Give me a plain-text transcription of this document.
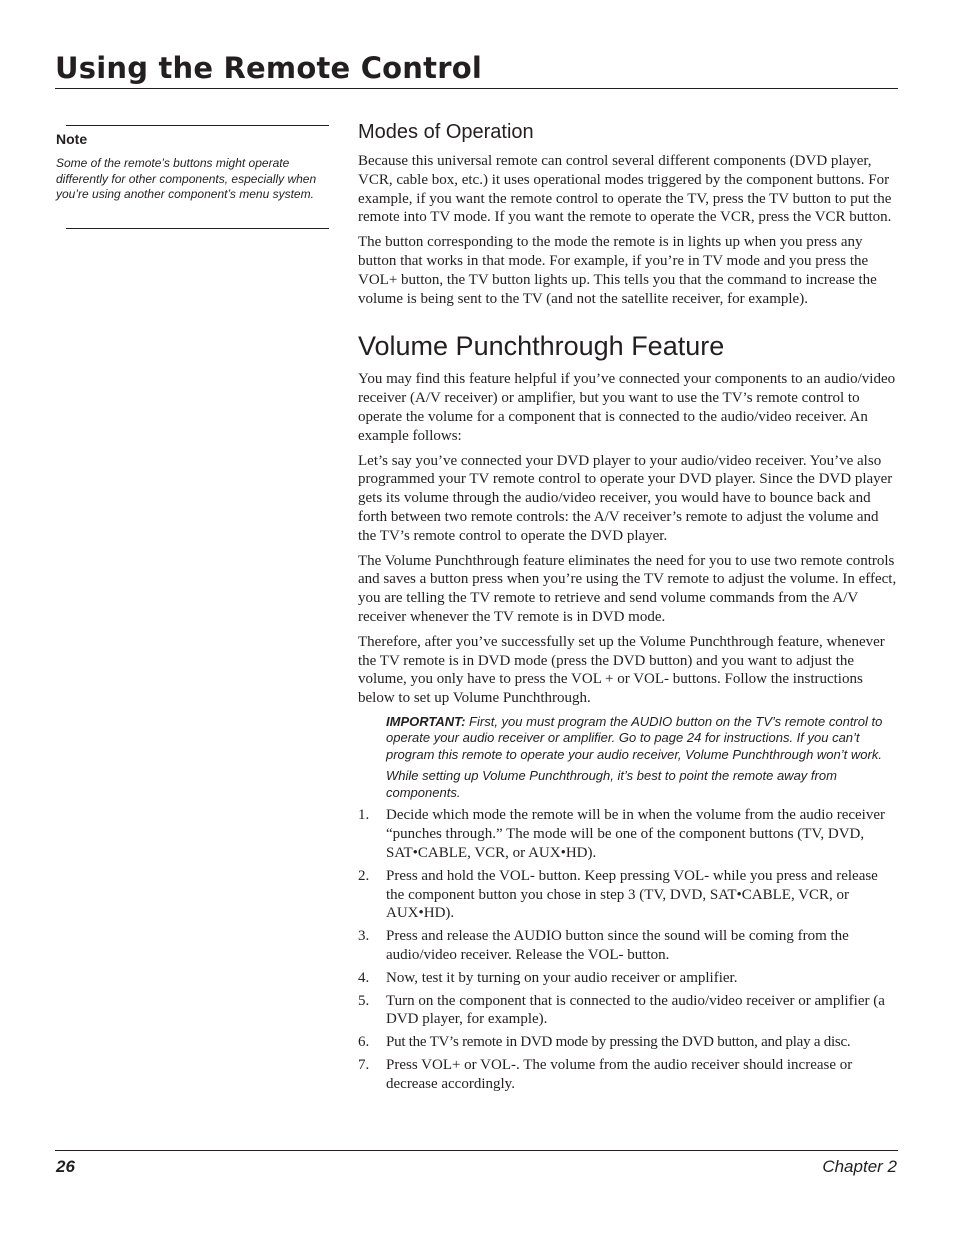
Using the Remote Control
Note

Some of the remote’s buttons might operate differently for other components, especially when you’re using another component’s menu system.

Modes of Operation

Because this universal remote can control several different components (DVD player, VCR, cable box, etc.) it uses operational modes triggered by the component buttons. For example, if you want the remote control to operate the TV, press the TV button to put the remote into TV mode. If you want the remote to operate the VCR, press the VCR button.

The button corresponding to the mode the remote is in lights up when you press any button that works in that mode. For example, if you’re in TV mode and you press the VOL+ button, the TV button lights up. This tells you that the command to increase the volume is being sent to the TV (and not the satellite receiver, for example).

Volume Punchthrough Feature

You may find this feature helpful if you’ve connected your components to an audio/video receiver (A/V receiver) or amplifier, but you want to use the TV’s remote control to operate the volume for a component that is connected to the audio/video receiver. An example follows:

Let’s say you’ve connected your DVD player to your audio/video receiver. You’ve also programmed your TV remote control to operate your DVD player. Since the DVD player gets its volume through the audio/video receiver, you would have to bounce back and forth between two remote controls: the A/V receiver’s remote to adjust the volume and the TV’s remote control to operate the DVD player.

The Volume Punchthrough feature eliminates the need for you to use two remote controls and saves a button press when you’re using the TV remote to adjust the volume. In effect, you are telling the TV remote to retrieve and send volume commands from the A/V receiver whenever the TV remote is in DVD mode.

Therefore, after you’ve successfully set up the Volume Punchthrough feature, whenever the TV remote is in DVD mode (press the DVD button) and you want to adjust the volume, you only have to press the VOL + or VOL- buttons. Follow the instructions below to set up Volume Punchthrough.

IMPORTANT: First, you must program the AUDIO button on the TV’s remote control to operate your audio receiver or amplifier. Go to page 24 for instructions. If you can’t program this remote to operate your audio receiver, Volume Punchthrough won’t work.

While setting up Volume Punchthrough, it’s best to point the remote away from components.

1.	Decide which mode the remote will be in when the volume from the audio receiver “punches through.” The mode will be one of the component buttons (TV, DVD, SAT•CABLE, VCR, or AUX•HD).
2.	Press and hold the VOL- button. Keep pressing VOL- while you press and release the component button you chose in step 3 (TV, DVD, SAT•CABLE, VCR, or AUX•HD).
3.	Press and release the AUDIO button since the sound will be coming from the audio/video receiver. Release the VOL- button.
4.	Now, test it by turning on your audio receiver or amplifier.
5.	Turn on the component that is connected to the audio/video receiver or amplifier (a DVD player, for example).
6.	Put the TV’s remote in DVD mode by pressing the DVD button, and play a disc.
7.	Press VOL+ or VOL-. The volume from the audio receiver should increase or decrease accordingly.
26	Chapter 2
